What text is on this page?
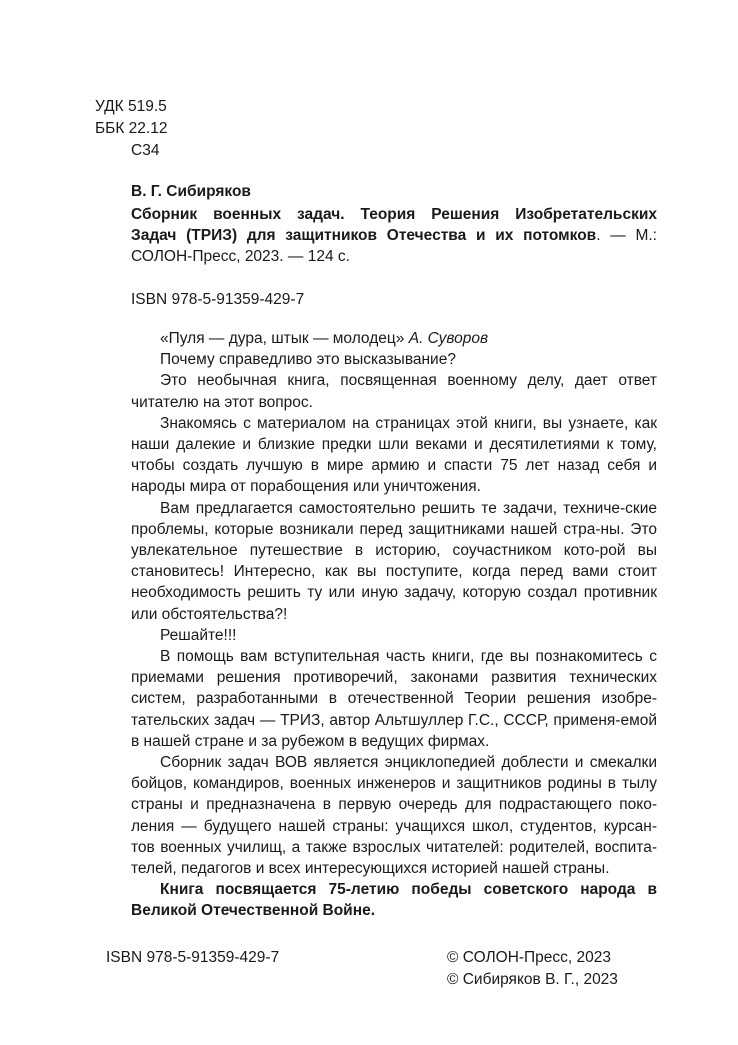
УДК 519.5
ББК 22.12
С34
В. Г. Сибиряков
Сборник военных задач. Теория Решения Изобретательских
Задач (ТРИЗ) для защитников Отечества и их потомков. — М.:
СОЛОН-Пресс, 2023. — 124 с.
ISBN 978-5-91359-429-7

«Пуля — дура, штык — молодец» А. Суворов

Почему справедливо это высказывание?

Это необычная книга, посвященная военному делу, дает ответ читателю на этот вопрос.

Знакомясь с материалом на страницах этой книги, вы узнаете, как наши далекие и близкие предки шли веками и десятилетиями к тому, чтобы создать лучшую в мире армию и спасти 75 лет назад себя и народы мира от порабощения или уничтожения.

Вам предлагается самостоятельно решить те задачи, техниче-ские проблемы, которые возникали перед защитниками нашей стра-ны. Это увлекательное путешествие в историю, соучастником кото-рой вы становитесь! Интересно, как вы поступите, когда перед вами стоит необходимость решить ту или иную задачу, которую создал противник или обстоятельства?!

Решайте!!!

В помощь вам вступительная часть книги, где вы познакомитесь с приемами решения противоречий, законами развития технических систем, разработанными в отечественной Теории решения изобре-тательских задач — ТРИЗ, автор Альтшуллер Г.С., СССР, применя-емой в нашей стране и за рубежом в ведущих фирмах.

Сборник задач ВОВ является энциклопедией доблести и смекалки бойцов, командиров, военных инженеров и защитников родины в тылу страны и предназначена в первую очередь для подрастающего поко-ления — будущего нашей страны: учащихся школ, студентов, курсан-тов военных училищ, а также взрослых читателей: родителей, воспита-телей, педагогов и всех интересующихся историей нашей страны.

Книга посвящается 75-летию победы советского народа в Великой Отечественной Войне.

ISBN 978-5-91359-429-7	© СОЛОН-Пресс, 2023
© Сибиряков В. Г., 2023
